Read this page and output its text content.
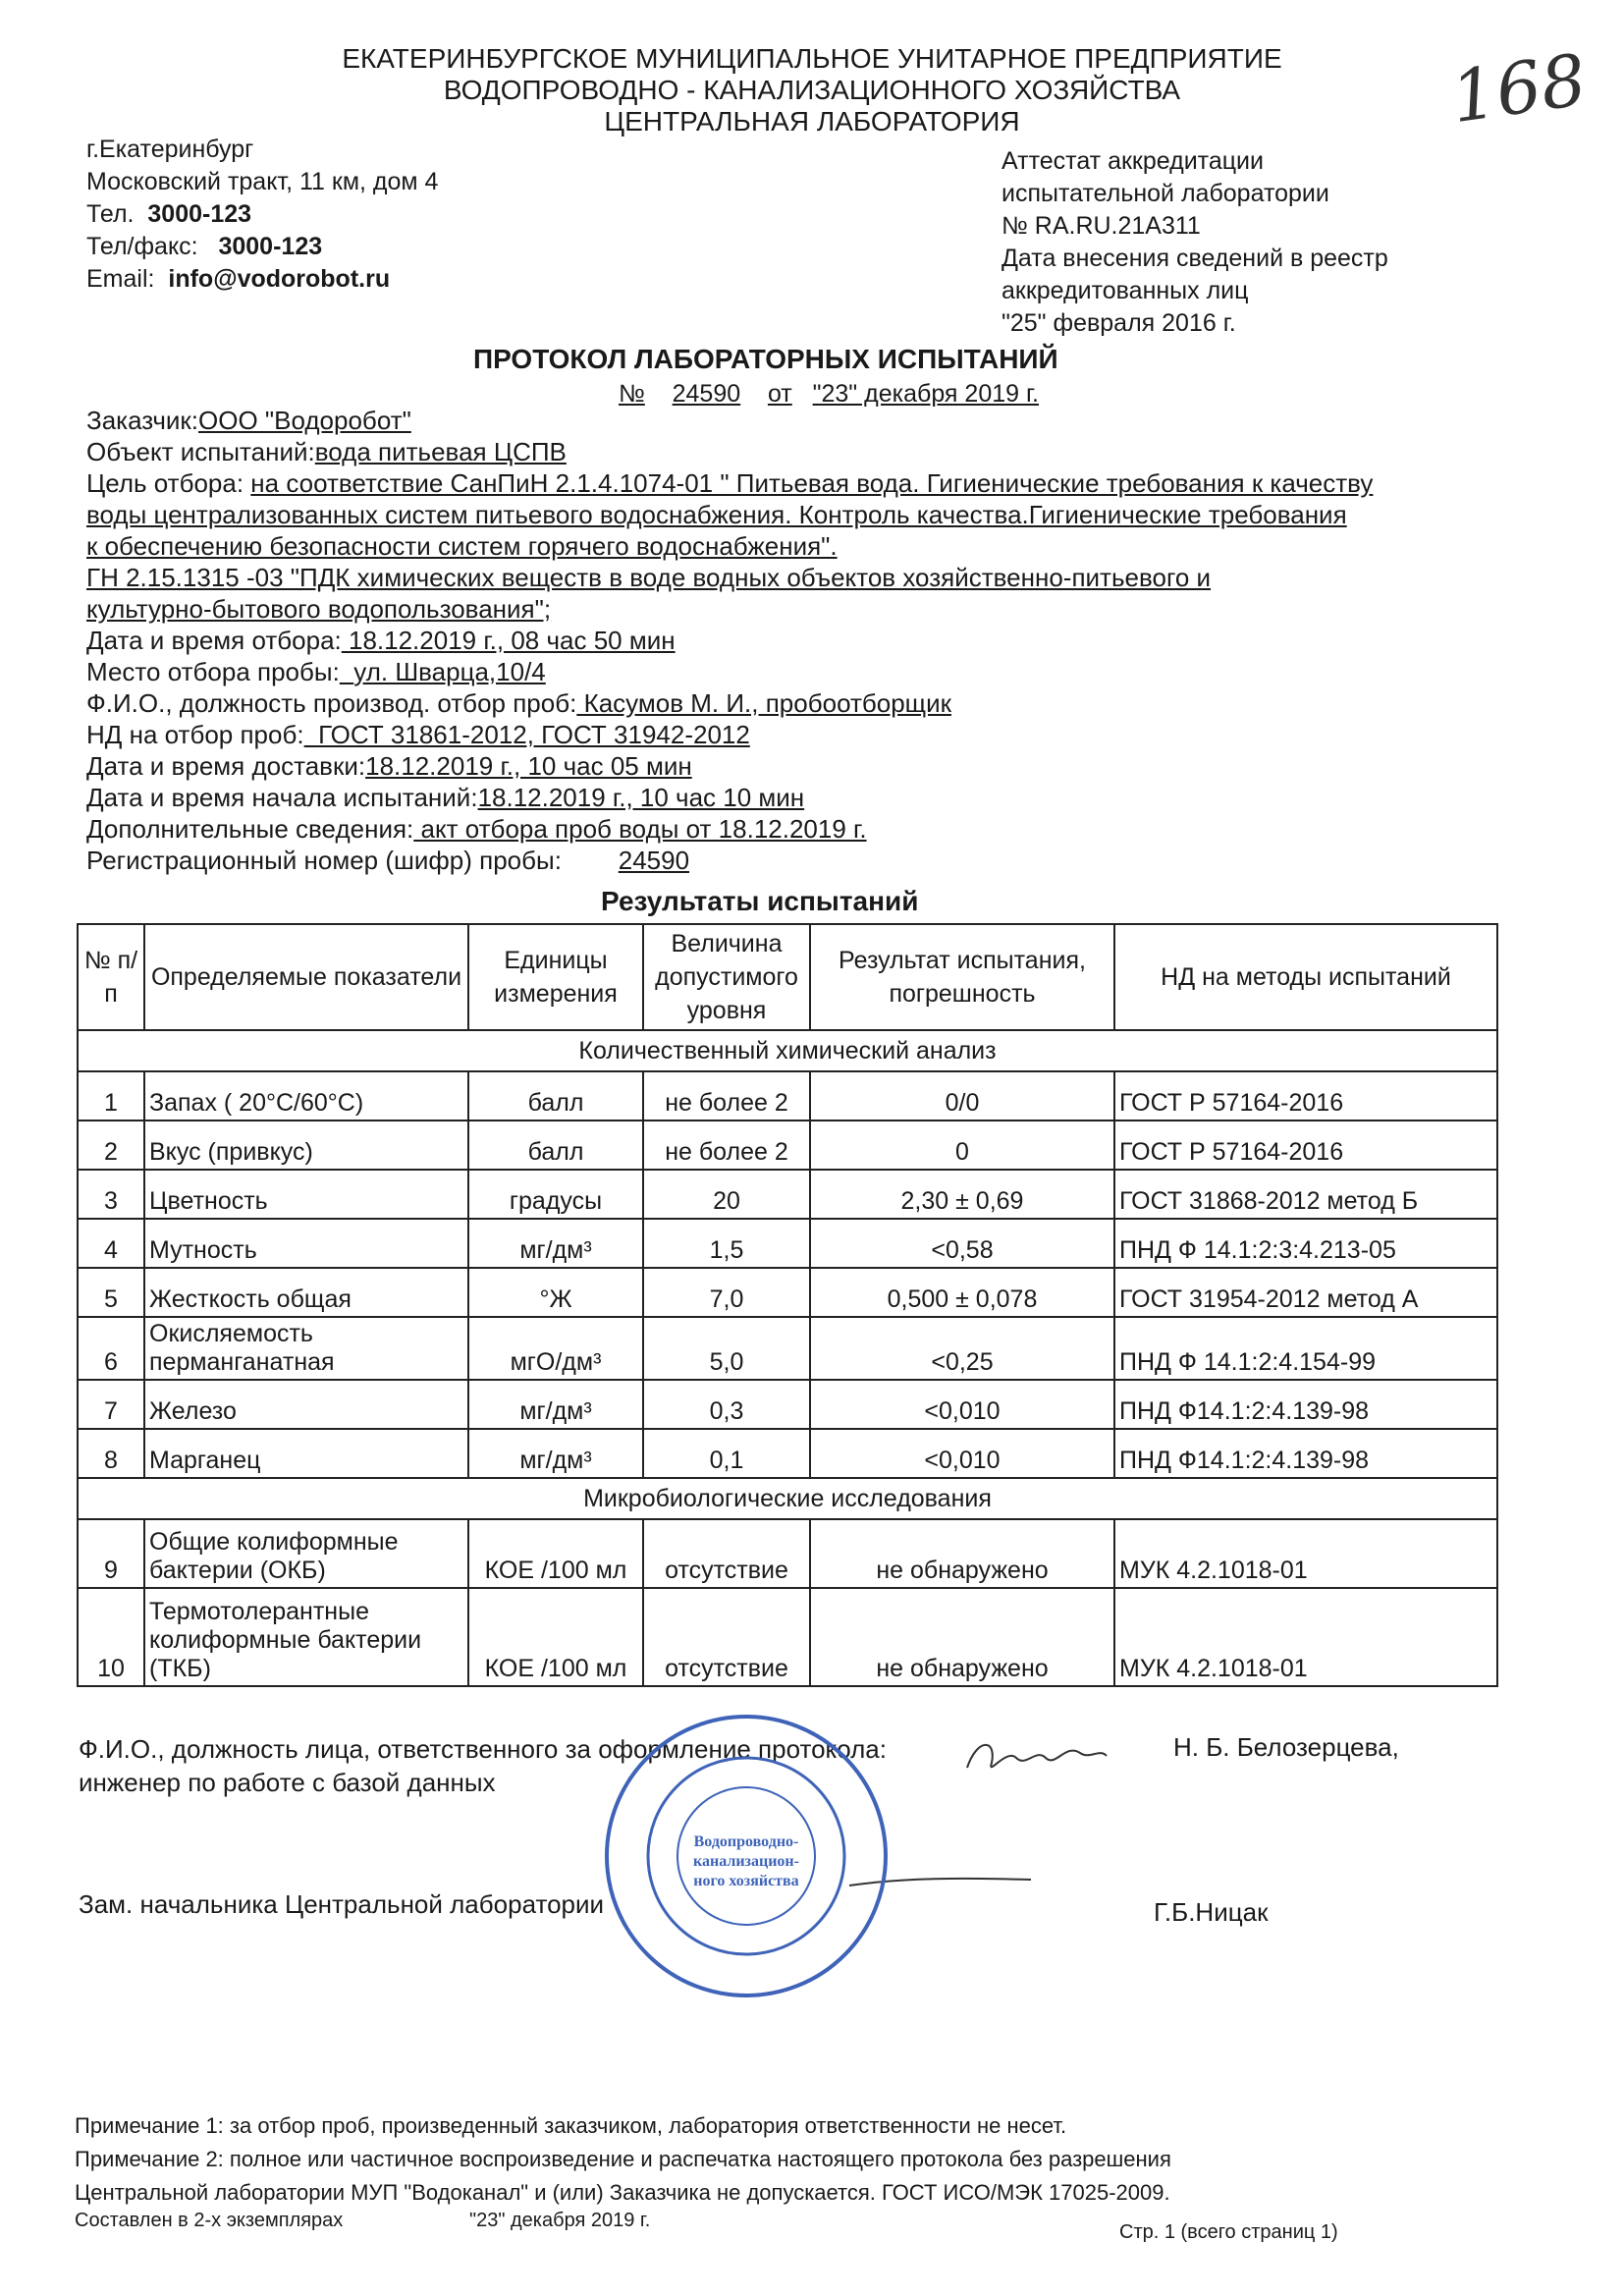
ЕКАТЕРИНБУРГСКОЕ МУНИЦИПАЛЬНОЕ УНИТАРНОЕ ПРЕДПРИЯТИЕ
ВОДОПРОВОДНО - КАНАЛИЗАЦИОННОГО ХОЗЯЙСТВА
ЦЕНТРАЛЬНАЯ ЛАБОРАТОРИЯ	168
г.Екатеринбург
Московский тракт, 11 км, дом 4
Тел. 3000-123
Тел/факс: 3000-123
Email: info@vodorobot.ru
Аттестат аккредитации
испытательной лаборатории
№ RA.RU.21A311
Дата внесения сведений в реестр
аккредитованных лиц
"25" февраля 2016 г.
ПРОТОКОЛ ЛАБОРАТОРНЫХ ИСПЫТАНИЙ
№ 24590 от "23" декабря 2019 г.
Заказчик:ООО "Водоробот"
Объект испытаний:вода питьевая ЦСПВ
Цель отбора: на соответствие СанПиН 2.1.4.1074-01 " Питьевая вода. Гигиенические требования к качеству
воды централизованных систем питьевого водоснабжения. Контроль качества.Гигиенические требования
к обеспечению безопасности систем горячего водоснабжения".
ГН 2.15.1315 -03 "ПДК химических веществ в воде водных объектов хозяйственно-питьевого и
культурно-бытового водопользования";
Дата и время отбора: 18.12.2019 г., 08 час 50 мин
Место отбора пробы: ул. Шварца,10/4
Ф.И.О., должность производ. отбор проб: Касумов М. И., пробоотборщик
НД на отбор проб: ГОСТ 31861-2012, ГОСТ 31942-2012
Дата и время доставки:18.12.2019 г., 10 час 05 мин
Дата и время начала испытаний:18.12.2019 г., 10 час 10 мин
Дополнительные сведения: акт отбора проб воды от 18.12.2019 г.
Регистрационный номер (шифр) пробы: 24590
Результаты испытаний
№ п/п	Определяемые показатели	Единицы измерения	Величина допустимого уровня	Результат испытания, погрешность	НД на методы испытаний
Количественный химический анализ					
1	Запах ( 20°С/60°С)	балл	не более 2	0/0	ГОСТ Р 57164-2016
2	Вкус (привкус)	балл	не более 2	0	ГОСТ Р 57164-2016
3	Цветность	градусы	20	2,30 ± 0,69	ГОСТ 31868-2012 метод Б
4	Мутность	мг/дм³	1,5	<0,58	ПНД Ф 14.1:2:3:4.213-05
5	Жесткость общая	°Ж	7,0	0,500 ± 0,078	ГОСТ 31954-2012 метод А
6	Окисляемость перманганатная	мгО/дм³	5,0	<0,25	ПНД Ф 14.1:2:4.154-99
7	Железо	мг/дм³	0,3	<0,010	ПНД Ф14.1:2:4.139-98
8	Марганец	мг/дм³	0,1	<0,010	ПНД Ф14.1:2:4.139-98
Микробиологические исследования					
9	Общие колиформные бактерии (ОКБ)	КОЕ /100 мл	отсутствие	не обнаружено	МУК 4.2.1018-01
10	Термотолерантные колиформные бактерии (ТКБ)	КОЕ /100 мл	отсутствие	не обнаружено	МУК 4.2.1018-01
Ф.И.О., должность лица, ответственного за оформление протокола:
инженер по работе с базой данных
Н. Б. Белозерцева,
Зам. начальника Центральной лаборатории	Г.Б.Ницак
Водопроводно-
канализацион-
ного хозяйства
Примечание 1: за отбор проб, произведенный заказчиком, лаборатория ответственности не несет.
Примечание 2: полное или частичное воспроизведение и распечатка настоящего протокола без разрешения
Центральной лаборатории МУП "Водоканал" и (или) Заказчика не допускается. ГОСТ ИСО/МЭК 17025-2009.
Составлен в 2-х экземплярах	"23" декабря 2019 г.
Стр. 1 (всего страниц 1)
